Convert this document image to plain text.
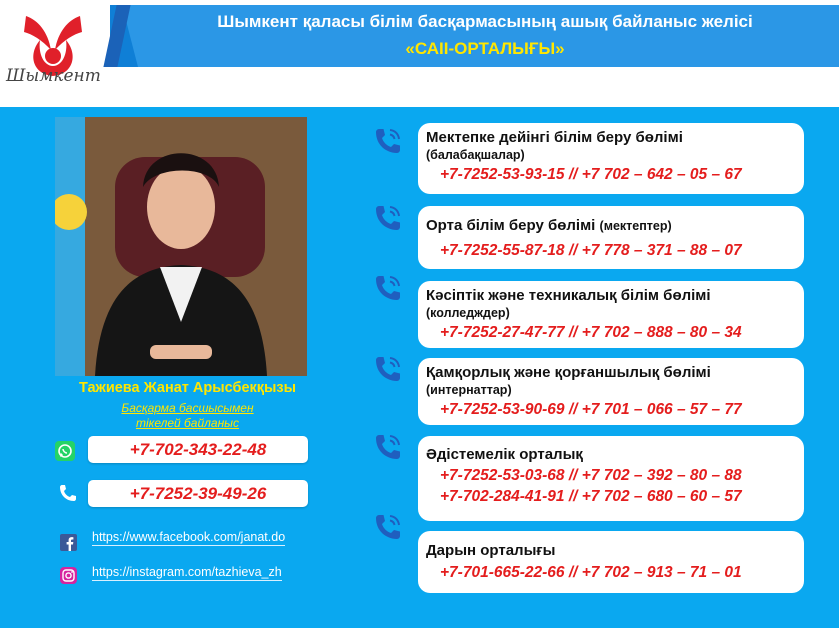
Шымкент қаласы білім басқармасының ашық байланыс желісі
«САІІ-ОРТАЛЫҒЫ»
Шымкент
Тажиева Жанат Арысбекқызы
Басқарма басшысымен
тікелей байланыс
+7-702-343-22-48
+7-7252-39-49-26
https://www.facebook.com/janat.do
https://instagram.com/tazhieva_zh
Мектепке дейінгі білім беру бөлімі
(балабақшалар)
+7-7252-53-93-15 // +7 702 – 642 – 05 – 67
Орта білім беру бөлімі (мектептер)
+7-7252-55-87-18 // +7 778 – 371 – 88 – 07
Кәсіптік және техникалық білім бөлімі
(колледждер)
+7-7252-27-47-77 // +7 702 – 888 – 80 – 34
Қамқорлық және қорғаншылық бөлімі
(интернаттар)
+7-7252-53-90-69 // +7 701 – 066 – 57 – 77
Әдістемелік орталық
+7-7252-53-03-68 // +7 702 – 392 – 80 – 88
+7-702-284-41-91 // +7 702 – 680 – 60 – 57
Дарын орталығы
+7-701-665-22-66 // +7 702 – 913 – 71 – 01
